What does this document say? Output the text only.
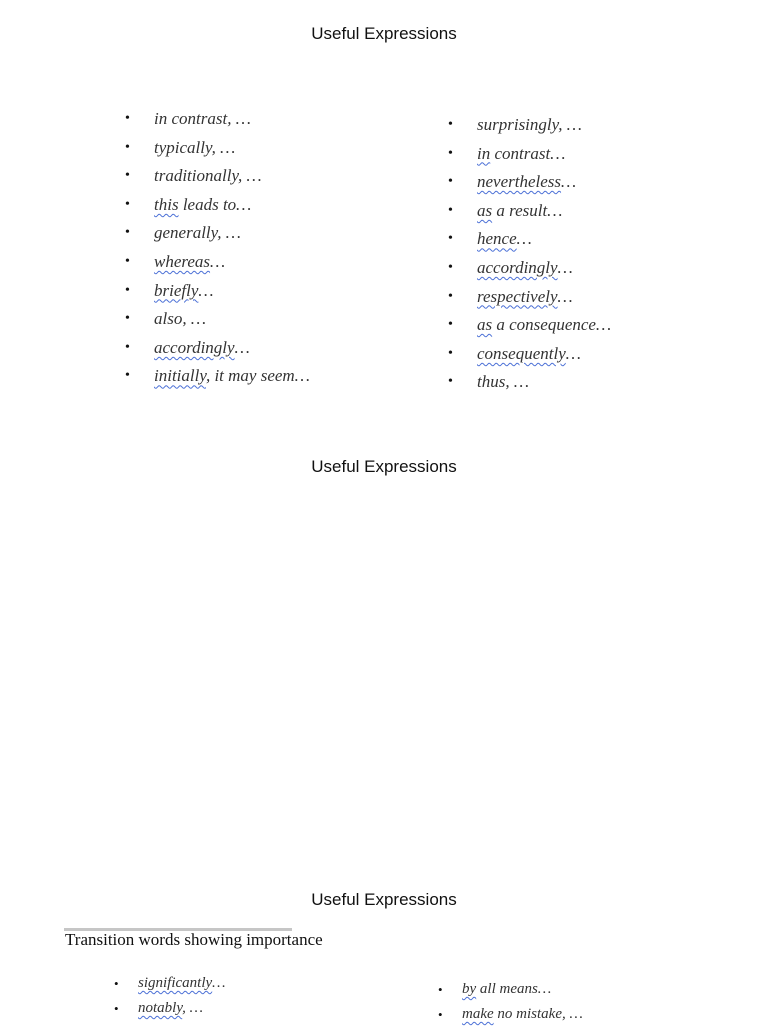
Useful Expressions
• in contrast, …
• typically, …
• traditionally, …
• this leads to…
• generally, …
• whereas…
• briefly…
• also, …
• accordingly…
• initially, it may seem…
• surprisingly, …
• in contrast…
• nevertheless…
• as a result…
• hence…
• accordingly…
• respectively…
• as a consequence…
• consequently…
• thus, …
Useful Expressions
Useful Expressions
Transition words showing importance
• significantly…
• notably, …
• by all means…
• make no mistake, …
